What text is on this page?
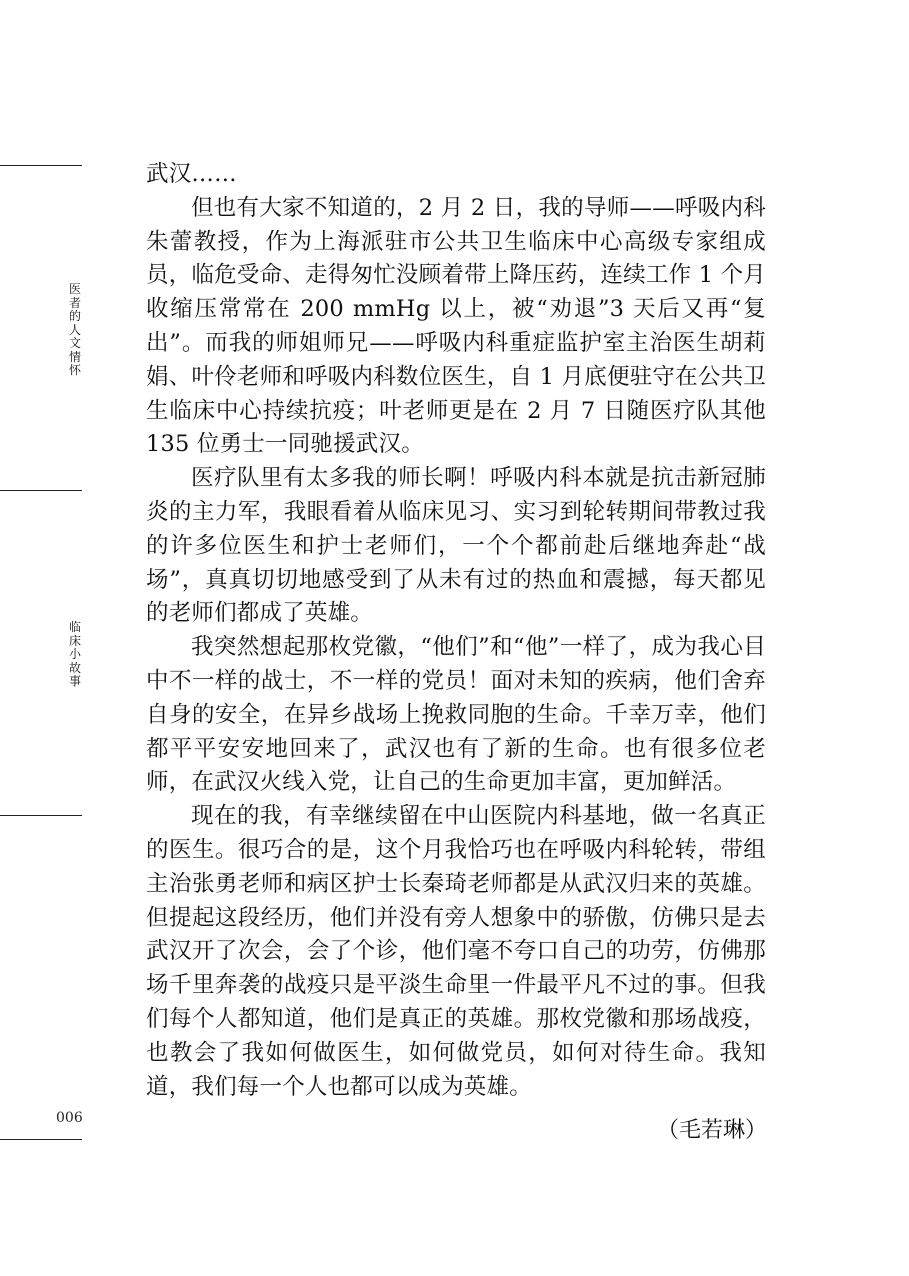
医
者
的
人
文
情
怀
临
床
小
故
事
006

武汉……

但也有大家不知道的，2 月 2 日，我的导师——呼吸内科朱蕾教授，作为上海派驻市公共卫生临床中心高级专家组成员，临危受命、走得匆忙没顾着带上降压药，连续工作 1 个月收缩压常常在 200 mmHg 以上，被“劝退”3 天后又再“复出”。而我的师姐师兄——呼吸内科重症监护室主治医生胡莉娟、叶伶老师和呼吸内科数位医生，自 1 月底便驻守在公共卫生临床中心持续抗疫；叶老师更是在 2 月 7 日随医疗队其他 135 位勇士一同驰援武汉。

医疗队里有太多我的师长啊！呼吸内科本就是抗击新冠肺炎的主力军，我眼看着从临床见习、实习到轮转期间带教过我的许多位医生和护士老师们，一个个都前赴后继地奔赴“战场”，真真切切地感受到了从未有过的热血和震撼，每天都见的老师们都成了英雄。

我突然想起那枚党徽，“他们”和“他”一样了，成为我心目中不一样的战士，不一样的党员！面对未知的疾病，他们舍弃自身的安全，在异乡战场上挽救同胞的生命。千幸万幸，他们都平平安安地回来了，武汉也有了新的生命。也有很多位老师，在武汉火线入党，让自己的生命更加丰富，更加鲜活。

现在的我，有幸继续留在中山医院内科基地，做一名真正的医生。很巧合的是，这个月我恰巧也在呼吸内科轮转，带组主治张勇老师和病区护士长秦琦老师都是从武汉归来的英雄。但提起这段经历，他们并没有旁人想象中的骄傲，仿佛只是去武汉开了次会，会了个诊，他们毫不夸口自己的功劳，仿佛那场千里奔袭的战疫只是平淡生命里一件最平凡不过的事。但我们每个人都知道，他们是真正的英雄。那枚党徽和那场战疫，也教会了我如何做医生，如何做党员，如何对待生命。我知道，我们每一个人也都可以成为英雄。

（毛若琳）
